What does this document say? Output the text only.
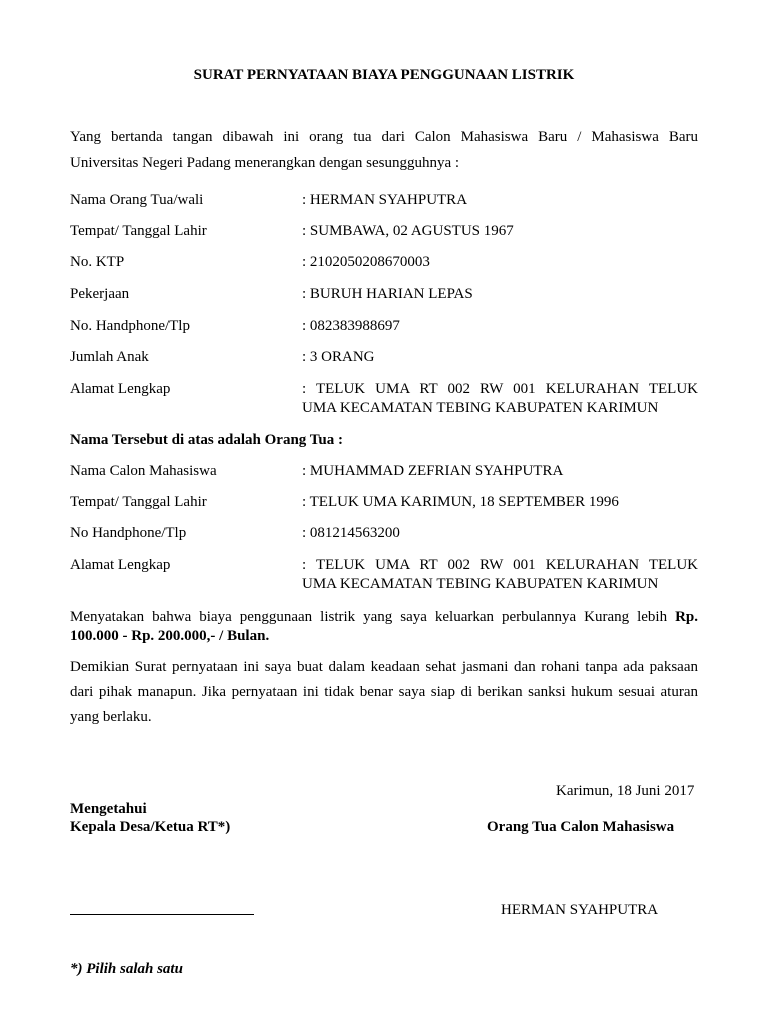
SURAT PERNYATAAN BIAYA PENGGUNAAN LISTRIK
Yang bertanda tangan dibawah ini orang tua dari Calon Mahasiswa Baru / Mahasiswa Baru
Universitas Negeri Padang menerangkan dengan sesungguhnya :
Nama Orang Tua/wali	: HERMAN SYAHPUTRA
Tempat/ Tanggal Lahir	: SUMBAWA, 02 AGUSTUS 1967
No. KTP	: 2102050208670003
Pekerjaan	: BURUH HARIAN LEPAS
No. Handphone/Tlp	: 082383988697
Jumlah Anak	: 3 ORANG
Alamat Lengkap	: TELUK UMA RT 002 RW 001 KELURAHAN TELUK
UMA KECAMATAN TEBING KABUPATEN KARIMUN
Nama Tersebut di atas adalah Orang Tua :
Nama Calon Mahasiswa	: MUHAMMAD ZEFRIAN SYAHPUTRA
Tempat/ Tanggal Lahir	: TELUK UMA KARIMUN, 18 SEPTEMBER 1996
No Handphone/Tlp	: 081214563200
Alamat Lengkap	: TELUK UMA RT 002 RW 001 KELURAHAN TELUK
UMA KECAMATAN TEBING KABUPATEN KARIMUN
Menyatakan bahwa biaya penggunaan listrik yang saya keluarkan perbulannya Kurang lebih Rp.
100.000 - Rp. 200.000,- / Bulan.
Demikian Surat pernyataan ini saya buat dalam keadaan sehat jasmani dan rohani tanpa ada paksaan
dari pihak manapun. Jika pernyataan ini tidak benar saya siap di berikan sanksi hukum sesuai aturan
yang berlaku.
Karimun, 18 Juni 2017
Mengetahui
Kepala Desa/Ketua RT*)	Orang Tua Calon Mahasiswa
HERMAN SYAHPUTRA
*) Pilih salah satu
